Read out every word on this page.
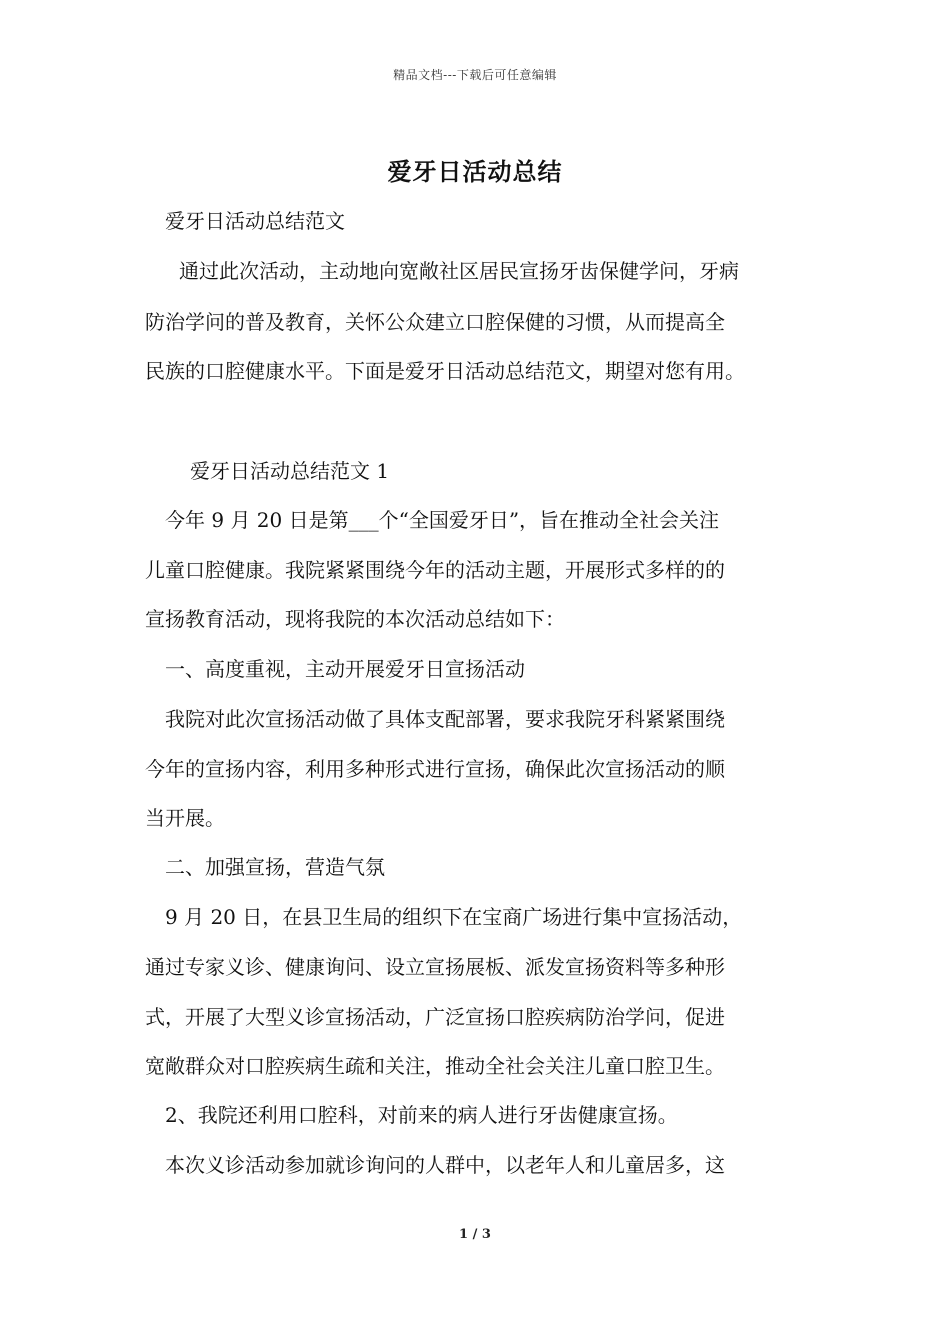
精品文档---下载后可任意编辑
爱牙日活动总结
爱牙日活动总结范文
通过此次活动，主动地向宽敞社区居民宣扬牙齿保健学问，牙病
防治学问的普及教育，关怀公众建立口腔保健的习惯，从而提高全
民族的口腔健康水平。下面是爱牙日活动总结范文，期望对您有用。
爱牙日活动总结范文 1
今年 9 月 20 日是第___个“全国爱牙日”，旨在推动全社会关注
儿童口腔健康。我院紧紧围绕今年的活动主题，开展形式多样的的
宣扬教育活动，现将我院的本次活动总结如下：
一、高度重视，主动开展爱牙日宣扬活动
我院对此次宣扬活动做了具体支配部署，要求我院牙科紧紧围绕
今年的宣扬内容，利用多种形式进行宣扬，确保此次宣扬活动的顺
当开展。
二、加强宣扬，营造气氛
9 月 20 日，在县卫生局的组织下在宝商广场进行集中宣扬活动，
通过专家义诊、健康询问、设立宣扬展板、派发宣扬资料等多种形
式，开展了大型义诊宣扬活动，广泛宣扬口腔疾病防治学问，促进
宽敞群众对口腔疾病生疏和关注，推动全社会关注儿童口腔卫生。
2、我院还利用口腔科，对前来的病人进行牙齿健康宣扬。
本次义诊活动参加就诊询问的人群中，以老年人和儿童居多，这
1 / 3
